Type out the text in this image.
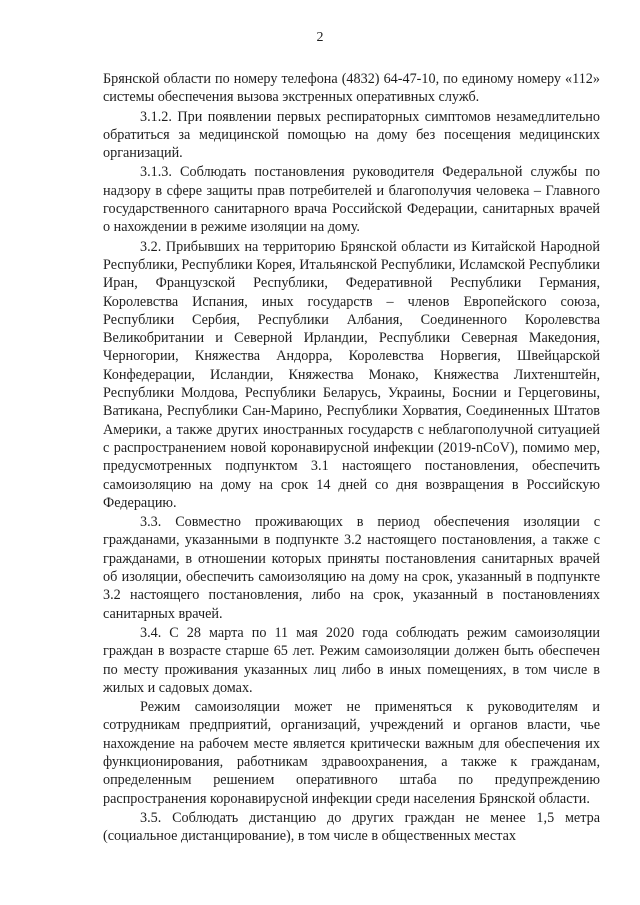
2

Брянской области по номеру телефона (4832) 64-47-10, по единому номеру «112» системы обеспечения вызова экстренных оперативных служб.

3.1.2. При появлении первых респираторных симптомов незамедлительно обратиться за медицинской помощью на дому без посещения медицинских организаций.

3.1.3. Соблюдать постановления руководителя Федеральной службы по надзору в сфере защиты прав потребителей и благополучия человека – Главного государственного санитарного врача Российской Федерации, санитарных врачей о нахождении в режиме изоляции на дому.

3.2. Прибывших на территорию Брянской области из Китайской Народной Республики, Республики Корея, Итальянской Республики, Исламской Республики Иран, Французской Республики, Федеративной Республики Германия, Королевства Испания, иных государств – членов Европейского союза, Республики Сербия, Республики Албания, Соединенного Королевства Великобритании и Северной Ирландии, Республики Северная Македония, Черногории, Княжества Андорра, Королевства Норвегия, Швейцарской Конфедерации, Исландии, Княжества Монако, Княжества Лихтенштейн, Республики Молдова, Республики Беларусь, Украины, Боснии и Герцеговины, Ватикана, Республики Сан-Марино, Республики Хорватия, Соединенных Штатов Америки, а также других иностранных государств с неблагополучной ситуацией с распространением новой коронавирусной инфекции (2019-nCoV), помимо мер, предусмотренных подпунктом 3.1 настоящего постановления, обеспечить самоизоляцию на дому на срок 14 дней со дня возвращения в Российскую Федерацию.

3.3. Совместно проживающих в период обеспечения изоляции с гражданами, указанными в подпункте 3.2 настоящего постановления, а также с гражданами, в отношении которых приняты постановления санитарных врачей об изоляции, обеспечить самоизоляцию на дому на срок, указанный в подпункте 3.2 настоящего постановления, либо на срок, указанный в постановлениях санитарных врачей.

3.4. С 28 марта по 11 мая 2020 года соблюдать режим самоизоляции граждан в возрасте старше 65 лет. Режим самоизоляции должен быть обеспечен по месту проживания указанных лиц либо в иных помещениях, в том числе в жилых и садовых домах.

Режим самоизоляции может не применяться к руководителям и сотрудникам предприятий, организаций, учреждений и органов власти, чье нахождение на рабочем месте является критически важным для обеспечения их функционирования, работникам здравоохранения, а также к гражданам, определенным решением оперативного штаба по предупреждению распространения коронавирусной инфекции среди населения Брянской области.

3.5. Соблюдать дистанцию до других граждан не менее 1,5 метра (социальное дистанцирование), в том числе в общественных местах
